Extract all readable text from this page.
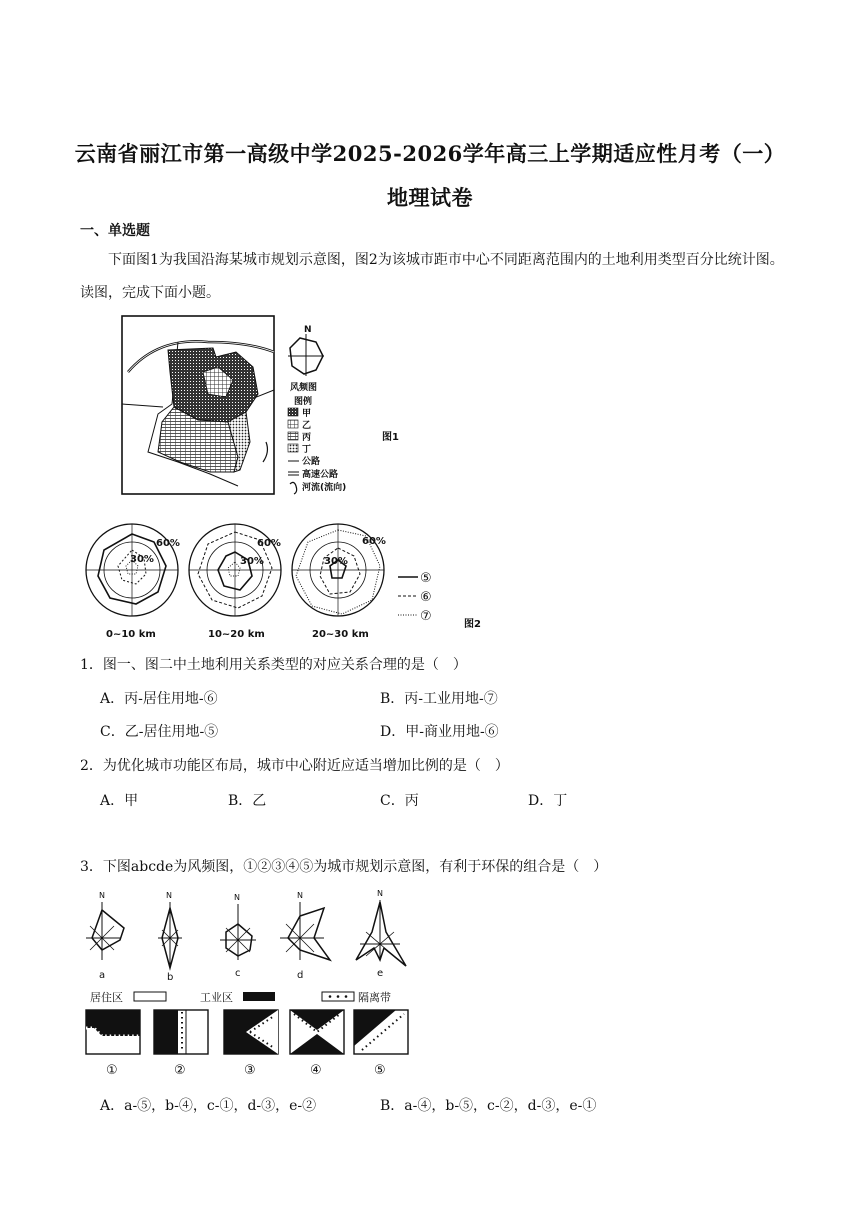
云南省丽江市第一高级中学2025-2026学年高三上学期适应性月考（一）
地理试卷
一、单选题
下面图1为我国沿海某城市规划示意图，图2为该城市距市中心不同距离范围内的土地利用类型百分比统计图。读图，完成下面小题。
N
风频图
图例
甲
乙
丙
丁
公路
高速公路
河流(流向)
图1
60%
30%
0~10 km
60%
30%
10~20 km
60%
30%
20~30 km
⑤
⑥
⑦
图2
1．图一、图二中土地利用关系类型的对应关系合理的是（　）
A．丙-居住用地-⑥	B．丙-工业用地-⑦
C．乙-居住用地-⑤	D．甲-商业用地-⑥
2．为优化城市功能区布局，城市中心附近应适当增加比例的是（　）
A．甲	B．乙	C．丙	D．丁
3．下图abcde为风频图，①②③④⑤为城市规划示意图，有利于环保的组合是（　）
N
a
N
b
N
c
N
d
N
e
居住区	工业区	隔离带
①	②	③	④	⑤
A．a-⑤，b-④，c-①，d-③，e-②	B．a-④，b-⑤，c-②，d-③，e-①
